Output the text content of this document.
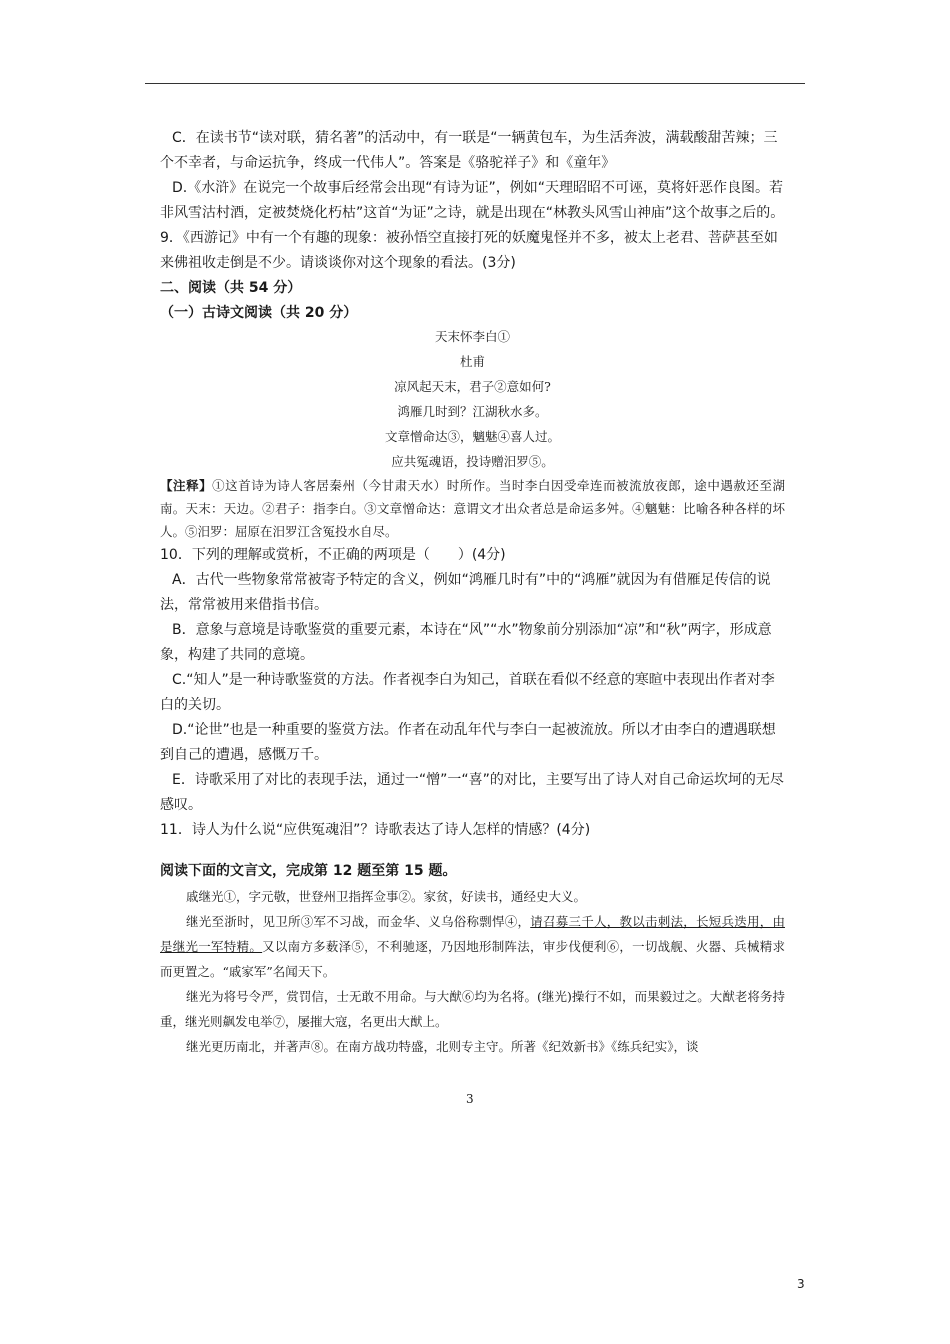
C．在读书节“读对联，猜名著”的活动中，有一联是“一辆黄包车，为生活奔波，满载酸甜苦辣；三个不幸者，与命运抗争，终成一代伟人”。答案是《骆驼祥子》和《童年》

D.《水浒》在说完一个故事后经常会出现“有诗为证”，例如“天理昭昭不可诬，莫将奸恶作良图。若非风雪沽村酒，定被焚烧化朽枯”这首“为证”之诗，就是出现在“林教头风雪山神庙”这个故事之后的。

9．《西游记》中有一个有趣的现象：被孙悟空直接打死的妖魔鬼怪并不多，被太上老君、菩萨甚至如来佛祖收走倒是不少。请谈谈你对这个现象的看法。(3分)

二、阅读（共 54 分）

（一）古诗文阅读（共 20 分）

天末怀李白①

杜甫

凉风起天末，君子②意如何?

鸿雁几时到？江湖秋水多。

文章憎命达③，魑魅④喜人过。

应共冤魂语，投诗赠汨罗⑤。

【注释】①这首诗为诗人客居秦州（今甘肃天水）时所作。当时李白因受牵连而被流放夜郎，途中遇赦还至湖南。天末：天边。②君子：指李白。③文章憎命达：意谓文才出众者总是命运多舛。④魑魅：比喻各种各样的坏人。⑤汨罗：屈原在汨罗江含冤投水自尽。

10．下列的理解或赏析，不正确的两项是（　　）(4分)

A．古代一些物象常常被寄予特定的含义，例如“鸿雁几时有”中的“鸿雁”就因为有借雁足传信的说法，常常被用来借指书信。

B．意象与意境是诗歌鉴赏的重要元素，本诗在“风”“水”物象前分别添加“凉”和“秋”两字，形成意象，构建了共同的意境。

C.“知人”是一种诗歌鉴赏的方法。作者视李白为知己，首联在看似不经意的寒暄中表现出作者对李白的关切。

D.“论世”也是一种重要的鉴赏方法。作者在动乱年代与李白一起被流放。所以才由李白的遭遇联想到自己的遭遇，感慨万千。

E．诗歌采用了对比的表现手法，通过一“憎”一“喜”的对比，主要写出了诗人对自己命运坎坷的无尽感叹。

11．诗人为什么说“应供冤魂泪”？诗歌表达了诗人怎样的情感？(4分)

阅读下面的文言文，完成第 12 题至第 15 题。

戚继光①，字元敬，世登州卫指挥佥事②。家贫，好读书，通经史大义。

继光至浙时，见卫所③军不习战，而金华、义乌俗称剽悍④，请召募三千人，教以击刺法，长短兵迭用，由是继光一军特精。又以南方多薮泽⑤，不利驰逐，乃因地形制阵法，审步伐便利⑥，一切战舰、火器、兵械精求而更置之。“戚家军”名闻天下。

继光为将号令严，赏罚信，士无敢不用命。与大猷⑥均为名将。(继光)操行不如，而果毅过之。大猷老将务持重，继光则飙发电举⑦，屡摧大寇，名更出大猷上。

继光更历南北，并著声⑧。在南方战功特盛，北则专主守。所著《纪效新书》《练兵纪实》，谈

3
3
